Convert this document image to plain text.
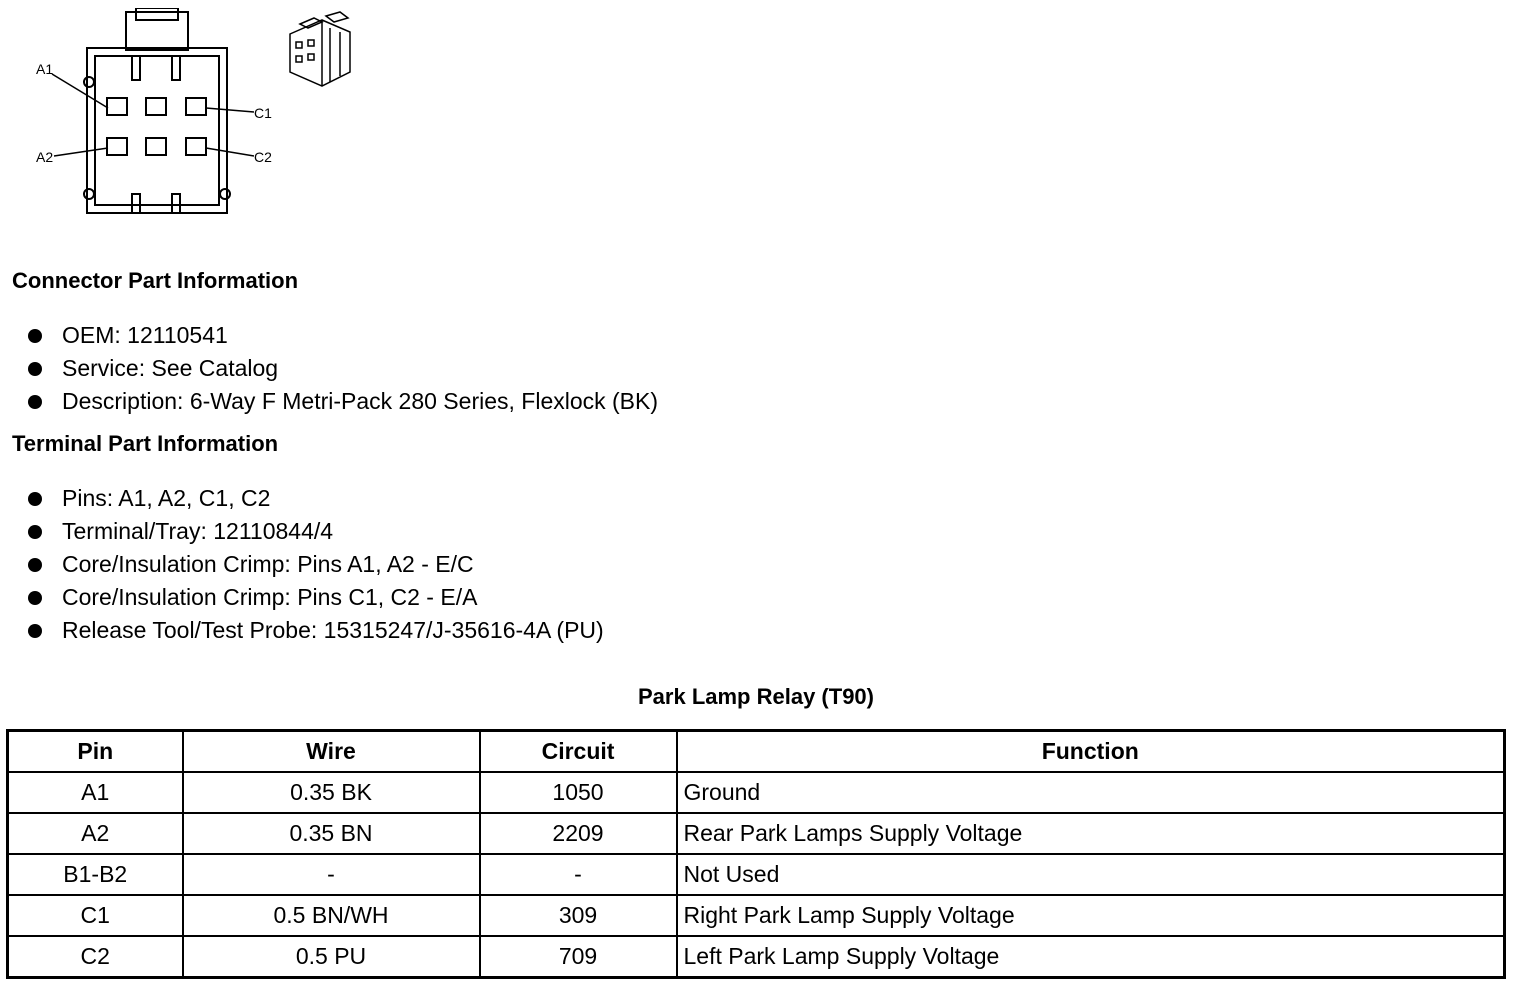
A1
A2
C1
C2
Connector Part Information
OEM: 12110541
Service: See Catalog
Description: 6-Way F Metri-Pack 280 Series, Flexlock (BK)
Terminal Part Information
Pins: A1, A2, C1, C2
Terminal/Tray: 12110844/4
Core/Insulation Crimp: Pins A1, A2 - E/C
Core/Insulation Crimp: Pins C1, C2 - E/A
Release Tool/Test Probe: 15315247/J-35616-4A (PU)
Park Lamp Relay (T90)
Pin	Wire	Circuit	Function
A1	0.35 BK	1050	Ground
A2	0.35 BN	2209	Rear Park Lamps Supply Voltage
B1-B2	-	-	Not Used
C1	0.5 BN/WH	309	Right Park Lamp Supply Voltage
C2	0.5 PU	709	Left Park Lamp Supply Voltage
